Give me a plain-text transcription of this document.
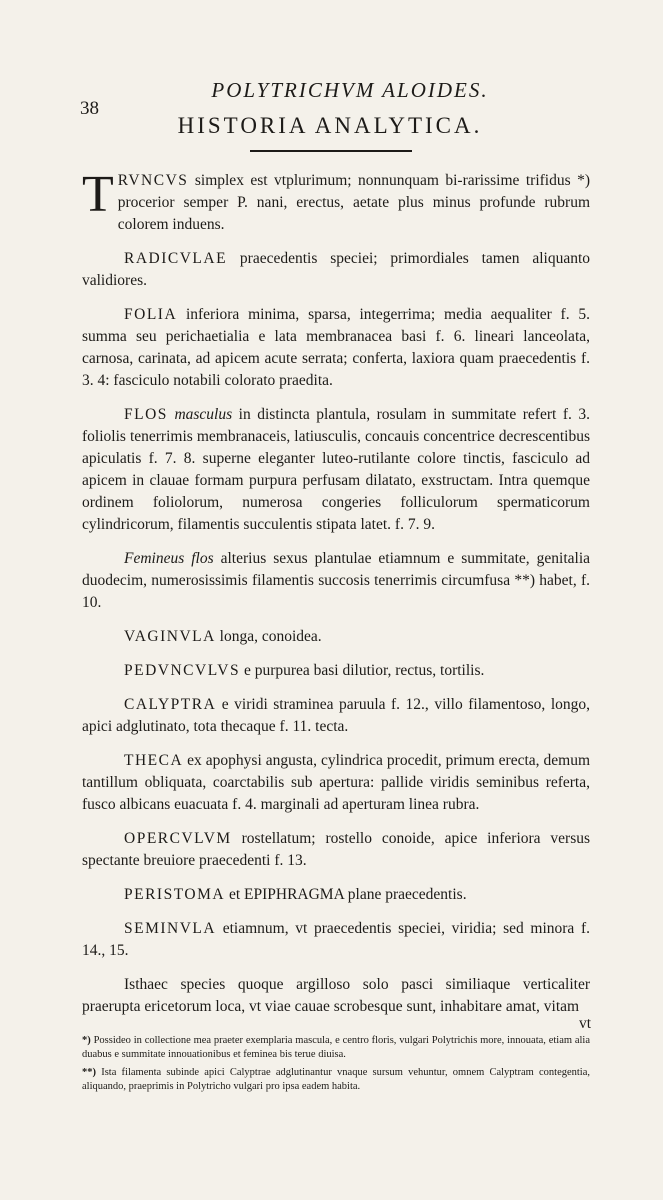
38
POLYTRICHVM ALOIDES.
HISTORIA ANALYTICA.

TRVNCVS simplex est vtplurimum; nonnunquam bi-rarissime trifidus *) procerior semper P. nani, erectus, aetate plus minus profunde rubrum colorem induens.

RADICVLAE praecedentis speciei; primordiales tamen aliquanto validiores.

FOLIA inferiora minima, sparsa, integerrima; media aequaliter f. 5. summa seu perichaetialia e lata membranacea basi f. 6. lineari lanceolata, carnosa, carinata, ad apicem acute serrata; conferta, laxiora quam praecedentis f. 3. 4: fasciculo notabili colorato praedita.

FLOS masculus in distincta plantula, rosulam in summitate refert f. 3. foliolis tenerrimis membranaceis, latiusculis, concauis concentrice decrescentibus apiculatis f. 7. 8. superne eleganter luteo-rutilante colore tinctis, fasciculo ad apicem in clauae formam purpura perfusam dilatato, exstructam. Intra quemque ordinem foliolorum, numerosa congeries folliculorum spermaticorum cylindricorum, filamentis succulentis stipata latet. f. 7. 9.

Femineus flos alterius sexus plantulae etiamnum e summitate, genitalia duodecim, numerosissimis filamentis succosis tenerrimis circumfusa **) habet, f. 10.

VAGINVLA longa, conoidea.

PEDVNCVLVS e purpurea basi dilutior, rectus, tortilis.

CALYPTRA e viridi straminea paruula f. 12., villo filamentoso, longo, apici adglutinato, tota thecaque f. 11. tecta.

THECA ex apophysi angusta, cylindrica procedit, primum erecta, demum tantillum obliquata, coarctabilis sub apertura: pallide viridis seminibus referta, fusco albicans euacuata f. 4. marginali ad aperturam linea rubra.

OPERCVLVM rostellatum; rostello conoide, apice inferiora versus spectante breuiore praecedenti f. 13.

PERISTOMA et EPIPHRAGMA plane praecedentis.

SEMINVLA etiamnum, vt praecedentis speciei, viridia; sed minora f. 14., 15.

Isthaec species quoque argilloso solo pasci similiaque verticaliter praerupta ericetorum loca, vt viae cauae scrobesque sunt, inhabitare amat, vitam

vt

*) Possideo in collectione mea praeter exemplaria mascula, e centro floris, vulgari Polytrichis more, innouata, etiam alia duabus e summitate innouationibus et feminea bis terue diuisa.

**) Ista filamenta subinde apici Calyptrae adglutinantur vnaque sursum vehuntur, omnem Calyptram contegentia, aliquando, praeprimis in Polytricho vulgari pro ipsa eadem habita.
